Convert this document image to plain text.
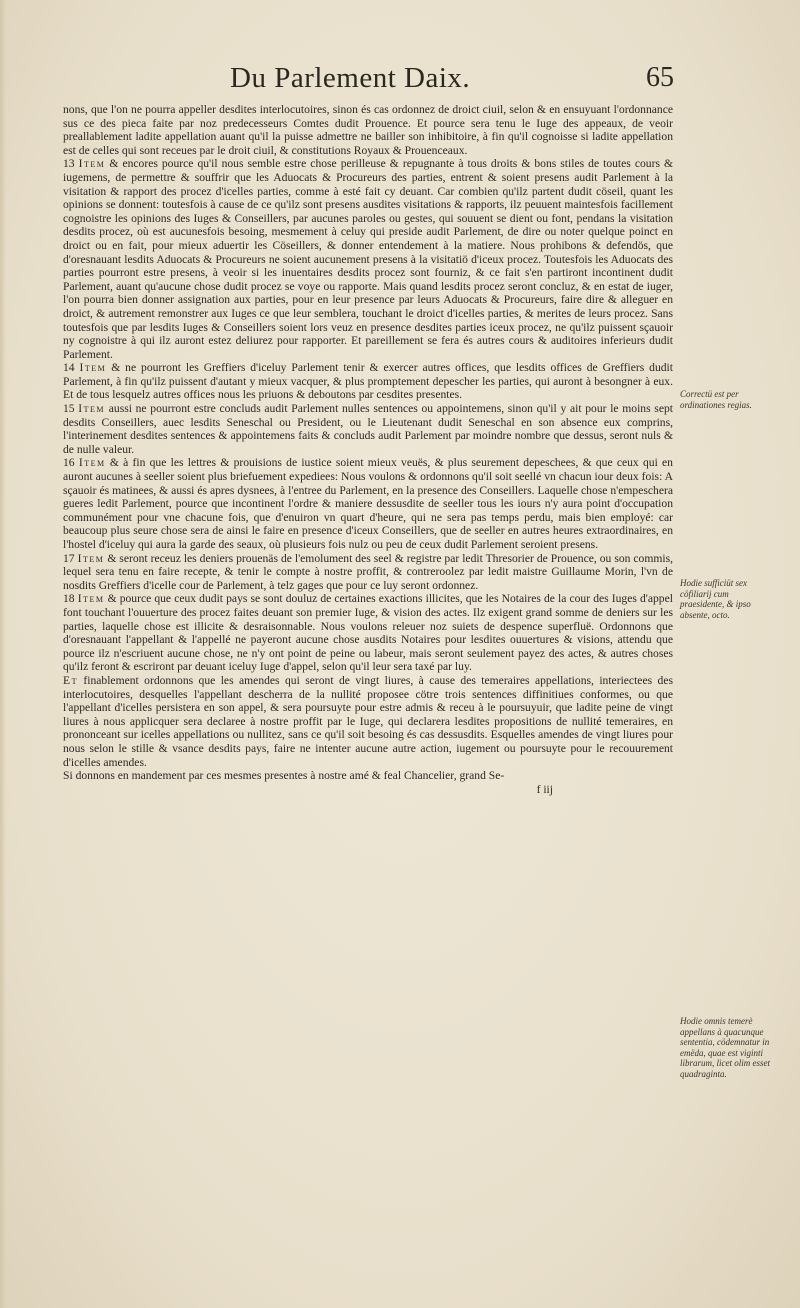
Du Parlement Daix.	65

nons, que l'on ne pourra appeller desdites interlocutoires, sinon és cas ordonnez de droict ciuil, selon & en ensuyuant l'ordonnance sus ce des pieca faite par noz predecesseurs Comtes dudit Prouence. Et pource sera tenu le Iuge des appeaux, de veoir preallablement ladite appellation auant qu'il la puisse admettre ne bailler son inhibitoire, à fin qu'il cognoisse si ladite appellation est de celles qui sont receues par le droit ciuil, & constitutions Royaux & Prouenceaux.

13 Item & encores pource qu'il nous semble estre chose perilleuse & repugnante à tous droits & bons stiles de toutes cours & iugemens, de permettre & souffrir que les Aduocats & Procureurs des parties, entrent & soient presens audit Parlement à la visitation & rapport des procez d'icelles parties, comme à esté fait cy deuant. Car combien qu'ilz partent dudit cöseil, quant les opinions se donnent: toutesfois à cause de ce qu'ilz sont presens ausdites visitations & rapports, ilz peuuent maintesfois facillement cognoistre les opinions des Iuges & Conseillers, par aucunes paroles ou gestes, qui souuent se dient ou font, pendans la visitation desdits procez, où est aucunesfois besoing, mesmement à celuy qui preside audit Parlement, de dire ou noter quelque poinct en droict ou en fait, pour mieux aduertir les Cöseillers, & donner entendement à la matiere. Nous prohibons & defendös, que d'oresnauant lesdits Aduocats & Procureurs ne soient aucunement presens à la visitatiö d'iceux procez. Toutesfois les Aduocats des parties pourront estre presens, à veoir si les inuentaires desdits procez sont fourniz, & ce fait s'en partiront incontinent dudit Parlement, auant qu'aucune chose dudit procez se voye ou rapporte. Mais quand lesdits procez seront concluz, & en estat de iuger, l'on pourra bien donner assignation aux parties, pour en leur presence par leurs Aduocats & Procureurs, faire dire & alleguer en droict, & autrement remonstrer aux Iuges ce que leur semblera, touchant le droict d'icelles parties, & merites de leurs procez. Sans toutesfois que par lesdits Iuges & Conseillers soient lors veuz en presence desdites parties iceux procez, ne qu'ilz puissent sçauoir ny cognoistre à qui ilz auront estez deliurez pour rapporter. Et pareillement se fera és autres cours & auditoires inferieurs dudit Parlement.

14 Item & ne pourront les Greffiers d'iceluy Parlement tenir & exercer autres offices, que lesdits offices de Greffiers dudit Parlement, à fin qu'ilz puissent d'autant y mieux vacquer, & plus promptement depescher les parties, qui auront à besongner à eux. Et de tous lesquelz autres offices nous les priuons & deboutons par cesdites presentes.

15 Item aussi ne pourront estre concluds audit Parlement nulles sentences ou appointemens, sinon qu'il y ait pour le moins sept desdits Conseillers, auec lesdits Seneschal ou President, ou le Lieutenant dudit Seneschal en son absence eux comprins, l'interinement desdites sentences & appointemens faits & concluds audit Parlement par moindre nombre que dessus, seront nuls & de nulle valeur.

16 Item & à fin que les lettres & prouisions de iustice soient mieux veuës, & plus seurement depeschees, & que ceux qui en auront aucunes à seeller soient plus briefuement expediees: Nous voulons & ordonnons qu'il soit seellé vn chacun iour deux fois: A sçauoir és matinees, & aussi és apres dysnees, à l'entree du Parlement, en la presence des Conseillers. Laquelle chose n'empeschera gueres ledit Parlement, pource que incontinent l'ordre & maniere dessusdite de seeller tous les iours n'y aura point d'occupation communément pour vne chacune fois, que d'enuiron vn quart d'heure, qui ne sera pas temps perdu, mais bien employé: car beaucoup plus seure chose sera de ainsi le faire en presence d'iceux Conseillers, que de seeller en autres heures extraordinaires, en l'hostel d'iceluy qui aura la garde des seaux, où plusieurs fois nulz ou peu de ceux dudit Parlement seroient presens.

17 Item & seront receuz les deniers prouenäs de l'emolument des seel & registre par ledit Thresorier de Prouence, ou son commis, lequel sera tenu en faire recepte, & tenir le compte à nostre proffit, & contreroolez par ledit maistre Guillaume Morin, l'vn de nosdits Greffiers d'icelle cour de Parlement, à telz gages que pour ce luy seront ordonnez.

18 Item & pource que ceux dudit pays se sont douluz de certaines exactions illicites, que les Notaires de la cour des Iuges d'appel font touchant l'ouuerture des procez faites deuant son premier Iuge, & vision des actes. Ilz exigent grand somme de deniers sur les parties, laquelle chose est illicite & desraisonnable. Nous voulons releuer noz suiets de despence superfluë. Ordonnons que d'oresnauant l'appellant & l'appellé ne payeront aucune chose ausdits Notaires pour lesdites ouuertures & visions, attendu que pource ilz n'escriuent aucune chose, ne n'y ont point de peine ou labeur, mais seront seulement payez des actes, & autres choses qu'ilz feront & escriront par deuant iceluy Iuge d'appel, selon qu'il leur sera taxé par luy.

Et finablement ordonnons que les amendes qui seront de vingt liures, à cause des temeraires appellations, interiectees des interlocutoires, desquelles l'appellant descherra de la nullité proposee cötre trois sentences diffinitiues conformes, ou que l'appellant d'icelles persistera en son appel, & sera poursuyte pour estre admis & receu à le poursuyuir, que ladite peine de vingt liures à nous applicquer sera declaree à nostre proffit par le Iuge, qui declarera lesdites propositions de nullité temeraires, en prononceant sur icelles appellations ou nullitez, sans ce qu'il soit besoing és cas dessusdits. Esquelles amendes de vingt liures pour nous selon le stille & vsance desdits pays, faire ne intenter aucune autre action, iugement ou poursuyte pour le recouurement d'icelles amendes.

Si donnons en mandement par ces mesmes presentes à nostre amé & feal Chancelier, grand Se-

f iij

Correctü est per ordinationes regias.
Hodie sufficiüt sex cöfiliarij cum praesidente, & ipso absente, octo.
Hodie omnis temerè appellans à quacunque sententia, cödemnatur in emëda, quae est viginti librarum, licet olim esset quadraginta.
